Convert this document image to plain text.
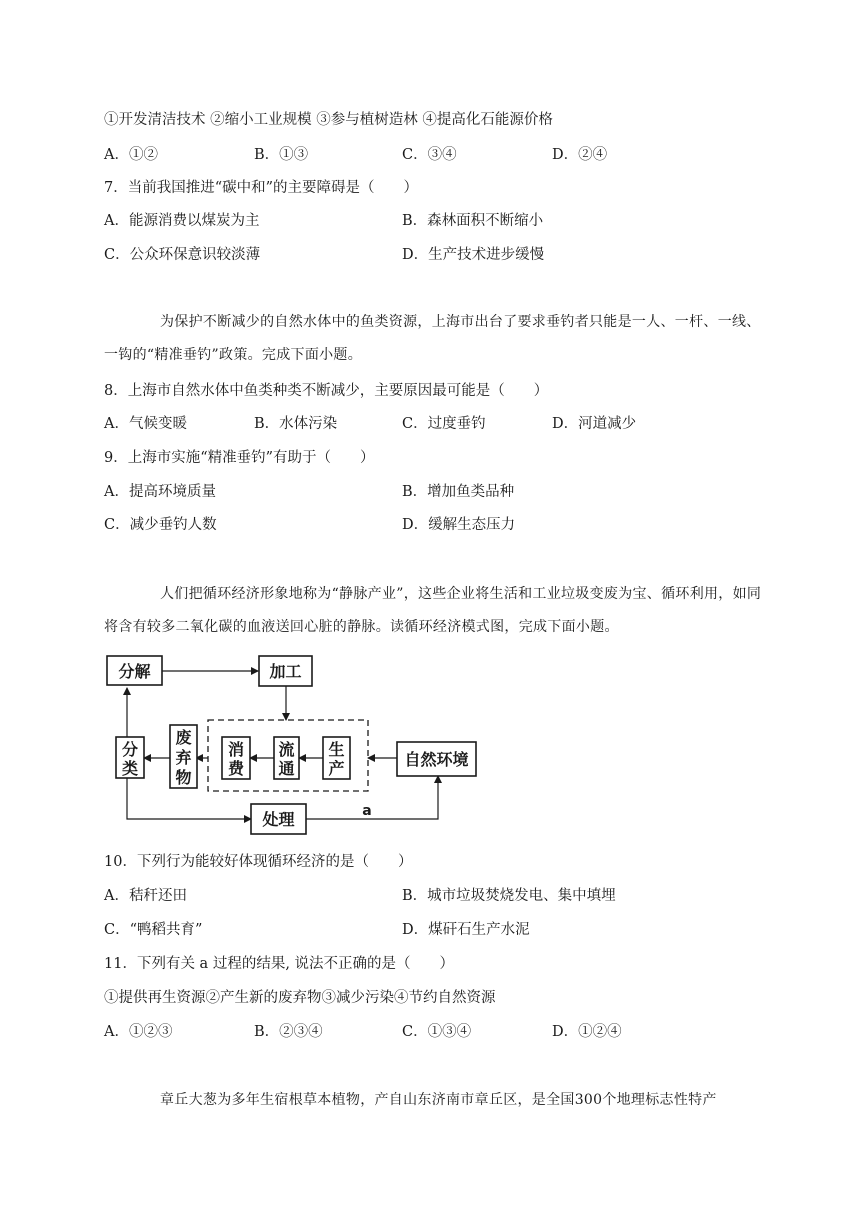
①开发清洁技术 ②缩小工业规模 ③参与植树造林 ④提高化石能源价格
A．①②	B．①③	C．③④	D．②④
7．当前我国推进“碳中和”的主要障碍是（　　）
A．能源消费以煤炭为主	B．森林面积不断缩小
C．公众环保意识较淡薄	D．生产技术进步缓慢
为保护不断减少的自然水体中的鱼类资源，上海市出台了要求垂钓者只能是一人、一杆、一线、一钩的“精准垂钓”政策。完成下面小题。
8．上海市自然水体中鱼类种类不断减少，主要原因最可能是（　　）
A．气候变暖	B．水体污染	C．过度垂钓	D．河道减少
9．上海市实施“精准垂钓”有助于（　　）
A．提高环境质量	B．增加鱼类品种
C．减少垂钓人数	D．缓解生态压力
人们把循环经济形象地称为“静脉产业”，这些企业将生活和工业垃圾变废为宝、循环利用，如同将含有较多二氧化碳的血液送回心脏的静脉。读循环经济模式图，完成下面小题。
分解	加工
分
类
废
弃
物
消
费
流
通
生
产	自然环境
处理	a
10．下列行为能较好体现循环经济的是（　　）
A．秸秆还田	B．城市垃圾焚烧发电、集中填埋
C．“鸭稻共育”	D．煤矸石生产水泥
11．下列有关 a 过程的结果, 说法不正确的是（　　）
①提供再生资源②产生新的废弃物③减少污染④节约自然资源
A．①②③	B．②③④	C．①③④	D．①②④
章丘大葱为多年生宿根草本植物，产自山东济南市章丘区，是全国300个地理标志性特产
